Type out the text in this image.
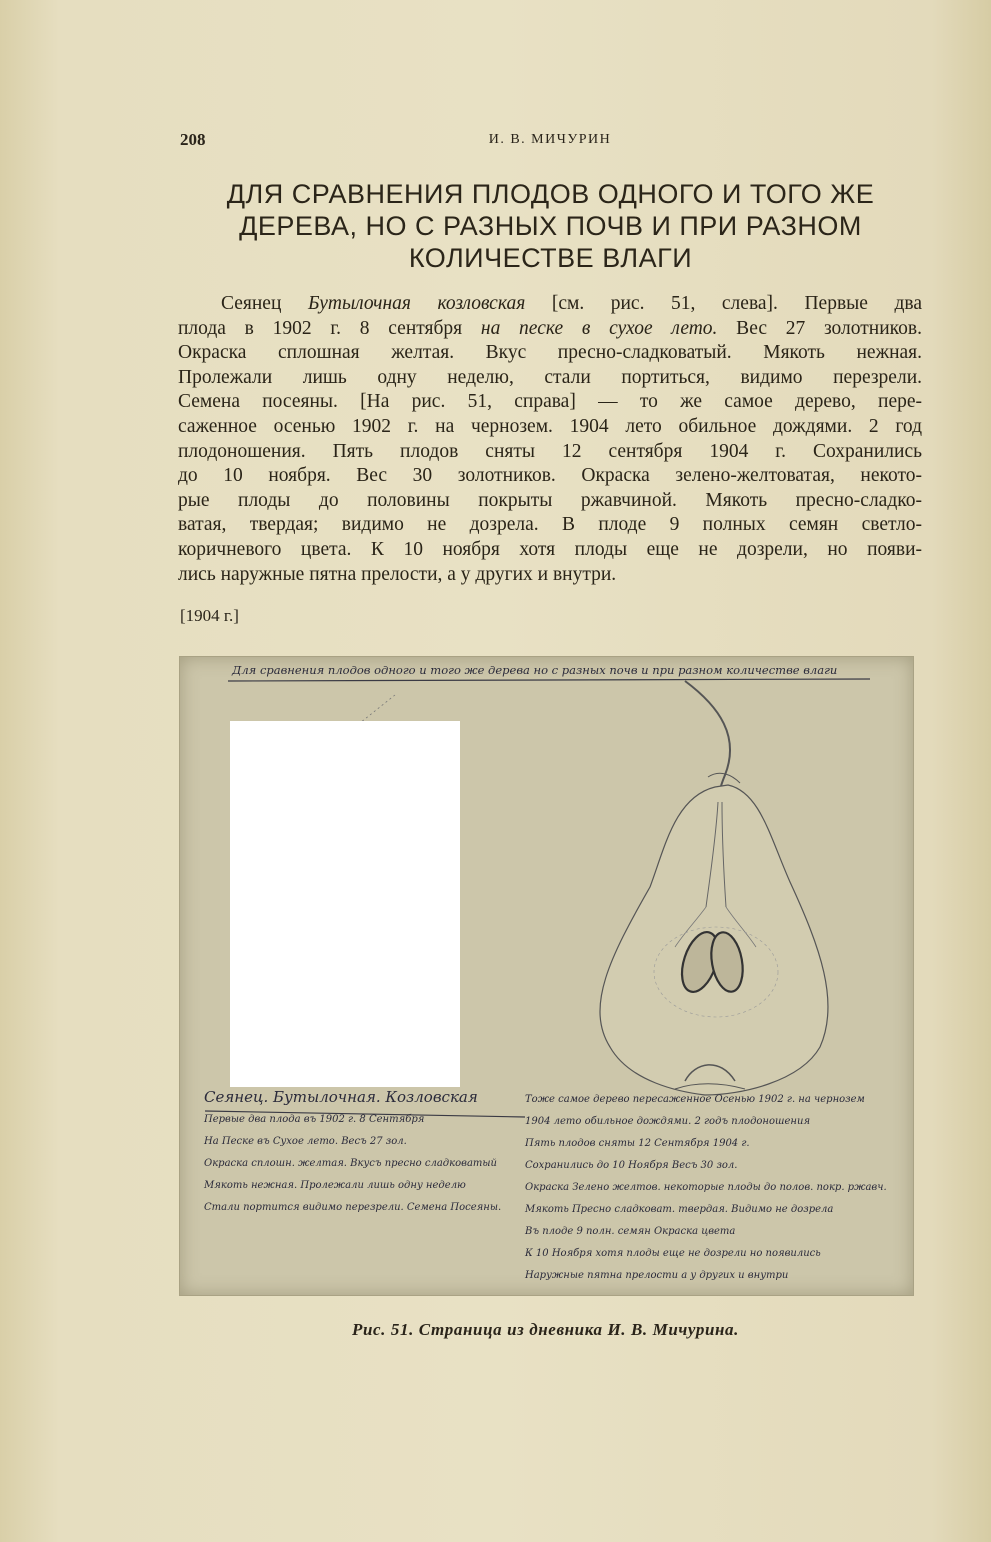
208	И. В. МИЧУРИН
ДЛЯ СРАВНЕНИЯ ПЛОДОВ ОДНОГО И ТОГО ЖЕ
ДЕРЕВА, НО С РАЗНЫХ ПОЧВ И ПРИ РАЗНОМ
КОЛИЧЕСТВЕ ВЛАГИ
Сеянец Бутылочная козловская [см. рис. 51, слева]. Первые два
плода в 1902 г. 8 сентября на песке в сухое лето. Вес 27 золотников.
Окраска сплошная желтая. Вкус пресно-сладковатый. Мякоть нежная.
Пролежали лишь одну неделю, стали портиться, видимо перезрели.
Семена посеяны. [На рис. 51, справа] — то же самое дерево, пере-
саженное осенью 1902 г. на чернозем. 1904 лето обильное дождями. 2 год
плодоношения. Пять плодов сняты 12 сентября 1904 г. Сохранились
до 10 ноября. Вес 30 золотников. Окраска зелено-желтоватая, некото-
рые плоды до половины покрыты ржавчиной. Мякоть пресно-сладко-
ватая, твердая; видимо не дозрела. В плоде 9 полных семян светло-
коричневого цвета. К 10 ноября хотя плоды еще не дозрели, но появи-
лись наружные пятна прелости, а у других и внутри.
[1904 г.]
Для сравнения плодов одного и того же дерева но с разных почв и при разном количестве влаги
Сеянец. Бутылочная. Козловская
Первые два плода въ 1902 г. 8 Сентября
На Песке въ Сухое лето. Весъ 27 зол.
Окраска сплошн. желтая. Вкусъ пресно сладковатый
Мякоть нежная. Пролежали лишь одну неделю
Стали портится видимо перезрели. Семена Посеяны.
Тоже самое дерево пересаженное Осенью 1902 г. на чернозем
1904 лето обильное дождями. 2 годъ плодоношения
Пять плодов сняты 12 Сентября 1904 г.
Сохранились до 10 Ноября Весъ 30 зол.
Окраска Зелено желтов. некоторые плоды до полов. покр. ржавч.
Мякоть Пресно сладковат. твердая. Видимо не дозрела
Въ плоде 9 полн. семян Окраска цвета
К 10 Ноября хотя плоды еще не дозрели но появились
Наружные пятна прелости а у других и внутри
Рис. 51. Страница из дневника И. В. Мичурина.
